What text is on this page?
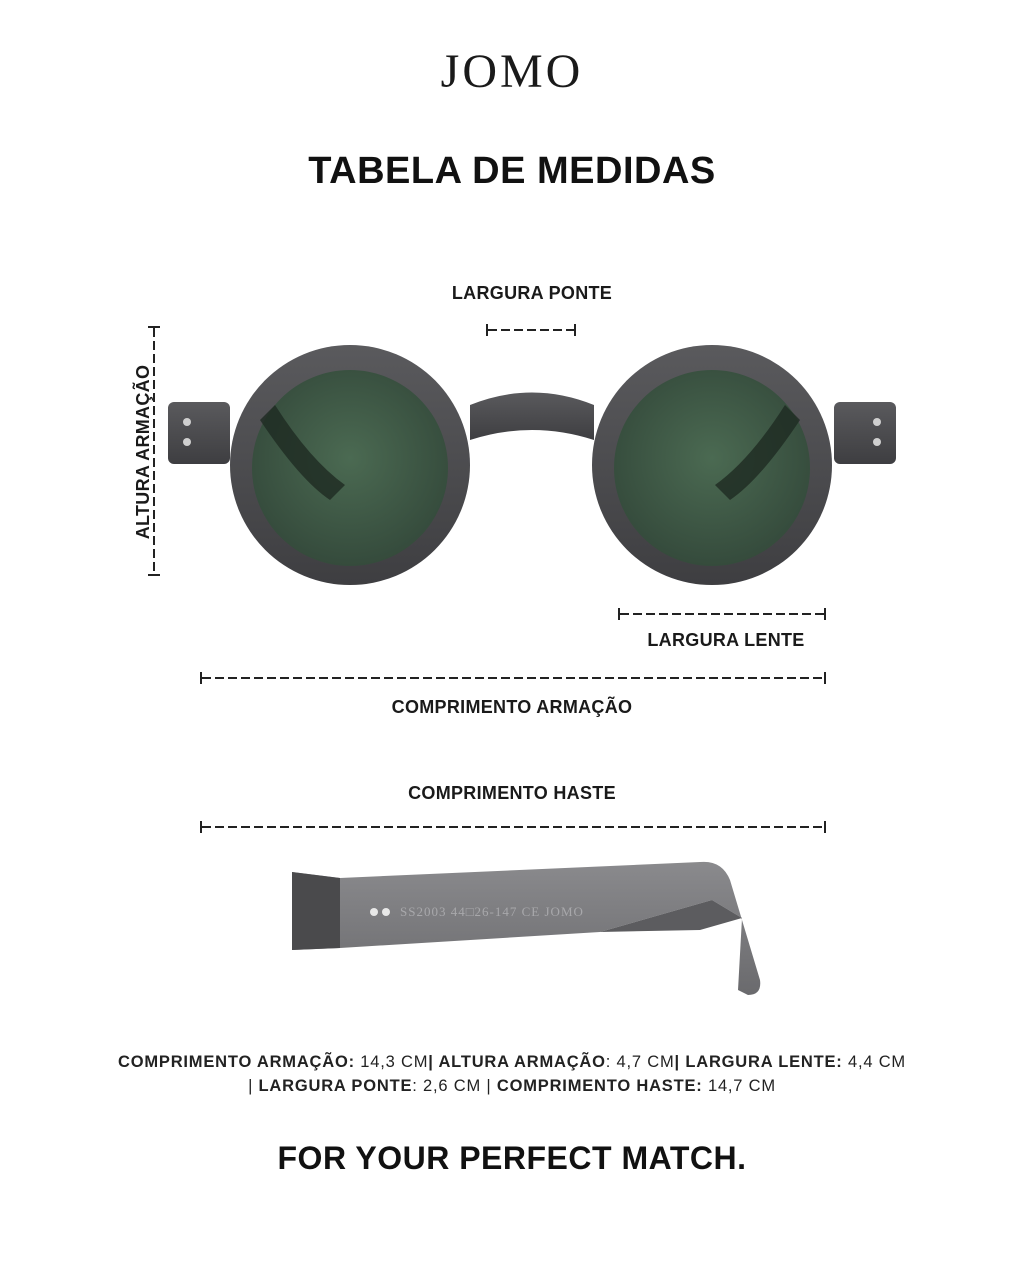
JOMO
TABELA DE MEDIDAS
SS2003 44□26-147 CE JOMO
LARGURA PONTE
ALTURA ARMAÇÃO
LARGURA LENTE
COMPRIMENTO ARMAÇÃO
COMPRIMENTO HASTE
COMPRIMENTO ARMAÇÃO: 14,3 CM| ALTURA ARMAÇÃO: 4,7 CM| LARGURA LENTE: 4,4 CM
| LARGURA PONTE: 2,6 CM | COMPRIMENTO HASTE: 14,7 CM
FOR YOUR PERFECT MATCH.
